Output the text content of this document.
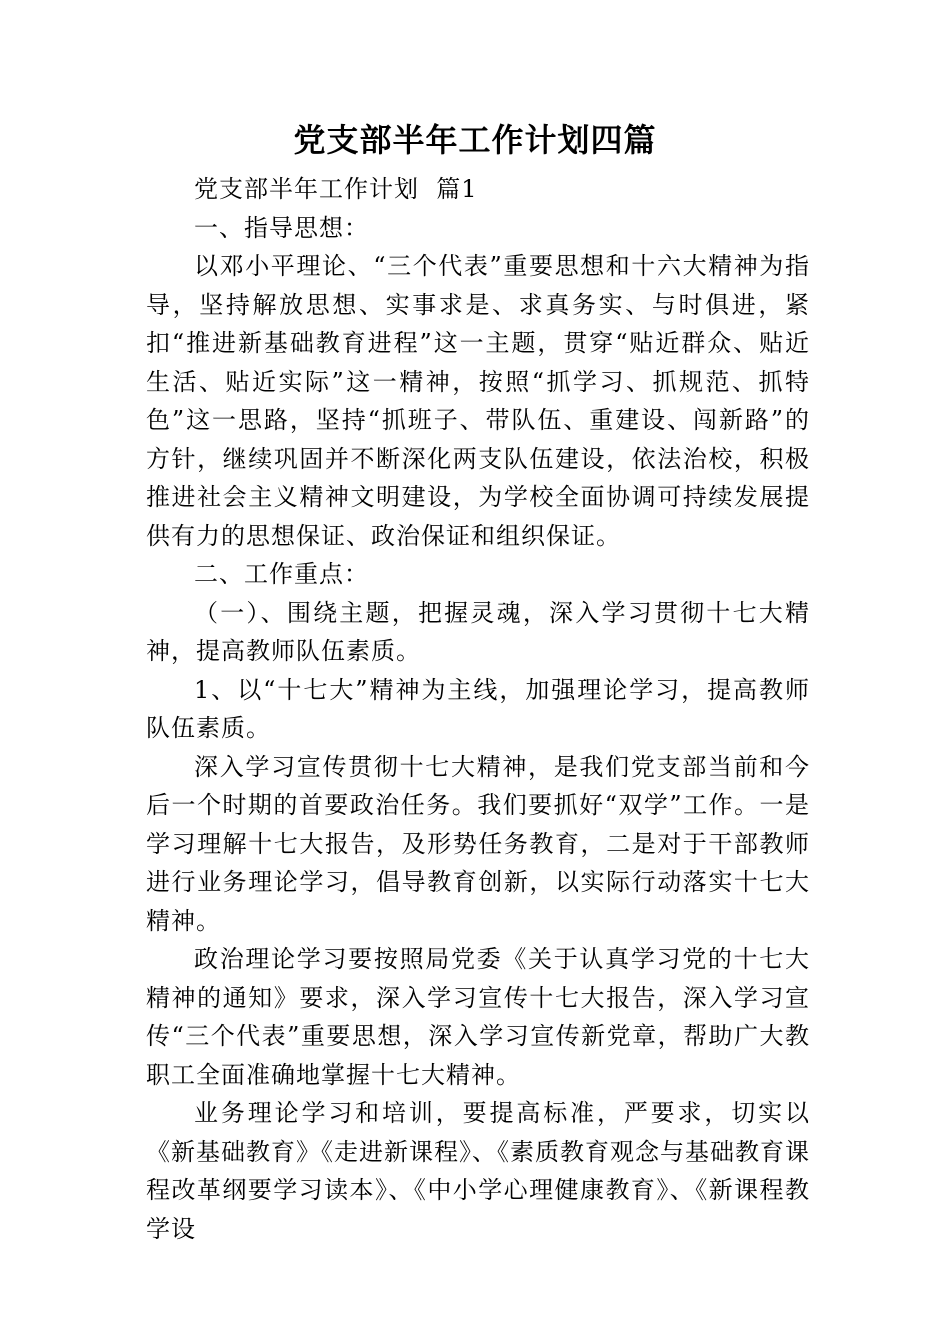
党支部半年工作计划四篇

党支部半年工作计划  篇1

一、指导思想：

以邓小平理论、“三个代表”重要思想和十六大精神为指导，坚持解放思想、实事求是、求真务实、与时俱进，紧扣“推进新基础教育进程”这一主题，贯穿“贴近群众、贴近生活、贴近实际”这一精神，按照“抓学习、抓规范、抓特色”这一思路，坚持“抓班子、带队伍、重建设、闯新路”的方针，继续巩固并不断深化两支队伍建设，依法治校，积极推进社会主义精神文明建设，为学校全面协调可持续发展提供有力的思想保证、政治保证和组织保证。

二、工作重点：

（一）、围绕主题，把握灵魂，深入学习贯彻十七大精神，提高教师队伍素质。

1、以“十七大”精神为主线，加强理论学习，提高教师队伍素质。

深入学习宣传贯彻十七大精神，是我们党支部当前和今后一个时期的首要政治任务。我们要抓好“双学”工作。一是学习理解十七大报告，及形势任务教育，二是对于干部教师进行业务理论学习，倡导教育创新，以实际行动落实十七大精神。

政治理论学习要按照局党委《关于认真学习党的十七大精神的通知》要求，深入学习宣传十七大报告，深入学习宣传“三个代表”重要思想，深入学习宣传新党章，帮助广大教职工全面准确地掌握十七大精神。

业务理论学习和培训，要提高标准，严要求，切实以《新基础教育》《走进新课程》、《素质教育观念与基础教育课程改革纲要学习读本》、《中小学心理健康教育》、《新课程教学设
